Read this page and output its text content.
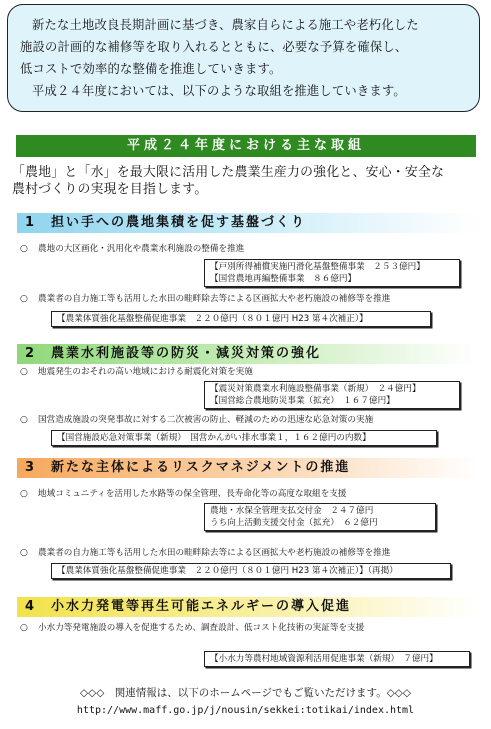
新たな土地改良長期計画に基づき、農家自らによる施工や老朽化した

施設の計画的な補修等を取り入れるとともに、必要な予算を確保し、

低コストで効率的な整備を推進していきます。

平成２４年度においては、以下のような取組を推進していきます。

平成２４年度における主な取組
「農地」と「水」を最大限に活用した農業生産力の強化と、安心・安全な
農村づくりの実現を目指します。
1 担い手への農地集積を促す基盤づくり
○ 農地の大区画化・汎用化や農業水利施設の整備を推進
【戸別所得補償実施円滑化基盤整備事業　２５３億円】
【国営農地再編整備事業　８６億円】
○ 農業者の自力施工等も活用した水田の畦畔除去等による区画拡大や老朽施設の補修等を推進
【農業体質強化基盤整備促進事業　２２０億円（８０１億円 H23 第４次補正）】
2 農業水利施設等の防災・減災対策の強化
○ 地震発生のおそれの高い地域における耐震化対策を実施
【震災対策農業水利施設整備事業（新規）　２４億円】
【国営総合農地防災事業（拡充）　１６７億円】
○ 国営造成施設の突発事故に対する二次被害の防止、軽減のための迅速な応急対策の実施
【国営施設応急対策事業（新規）　国営かんがい排水事業１，１６２億円の内数】
3 新たな主体によるリスクマネジメントの推進
○ 地域コミュニティを活用した水路等の保全管理、長寿命化等の高度な取組を支援
農地・水保全管理支払交付金　２４７億円
うち向上活動支援交付金（拡充）　６２億円
○ 農業者の自力施工等も活用した水田の畦畔除去等による区画拡大や老朽施設の補修等を推進
【農業体質強化基盤整備促進事業　２２０億円（８０１億円 H23 第４次補正）】（再掲）
4 小水力発電等再生可能エネルギーの導入促進
○ 小水力等発電施設の導入を促進するため、調査設計、低コスト化技術の実証等を支援
【小水力等農村地域資源利活用促進事業（新規）　７億円】
◇◇◇　関連情報は、以下のホームページでもご覧いただけます。◇◇◇
http://www.maff.go.jp/j/nousin/sekkei:totikai/index.html
